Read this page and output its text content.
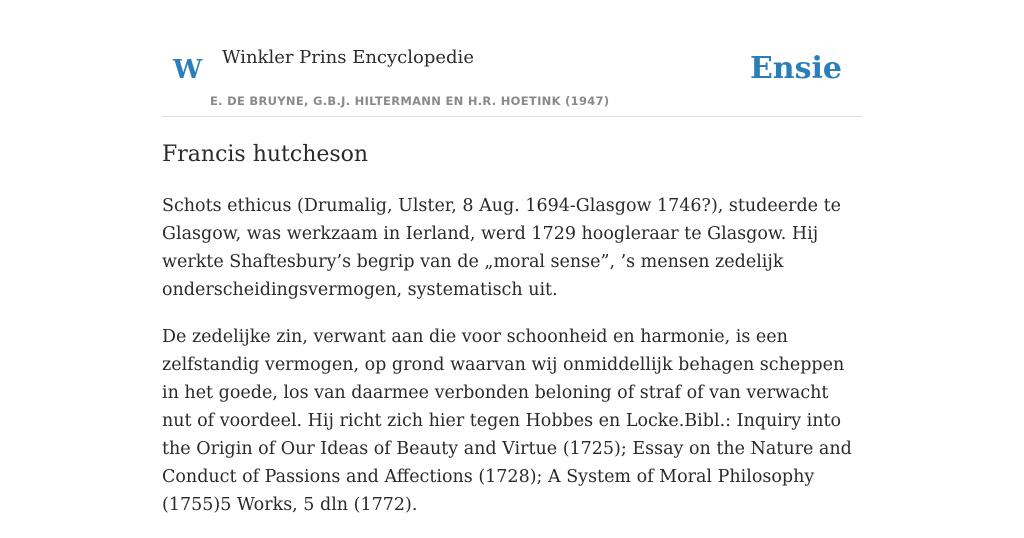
W Winkler Prins Encyclopedie
E. DE BRUYNE, G.B.J. HILTERMANN EN H.R. HOETINK (1947)
Ensie
Francis hutcheson

Schots ethicus (Drumalig, Ulster, 8 Aug. 1694-Glasgow 1746?), studeerde te Glasgow, was werkzaam in Ierland, werd 1729 hoogleraar te Glasgow. Hij werkte Shaftesbury’s begrip van de „moral sense”, ’s mensen zedelijk onderscheidingsvermogen, systematisch uit.

De zedelijke zin, verwant aan die voor schoonheid en harmonie, is een zelfstandig vermogen, op grond waarvan wij onmiddellijk behagen scheppen in het goede, los van daarmee verbonden beloning of straf of van verwacht nut of voordeel. Hij richt zich hier tegen Hobbes en Locke.Bibl.: Inquiry into the Origin of Our Ideas of Beauty and Virtue (1725); Essay on the Nature and Conduct of Passions and Affections (1728); A System of Moral Philosophy (1755)5 Works, 5 dln (1772).
